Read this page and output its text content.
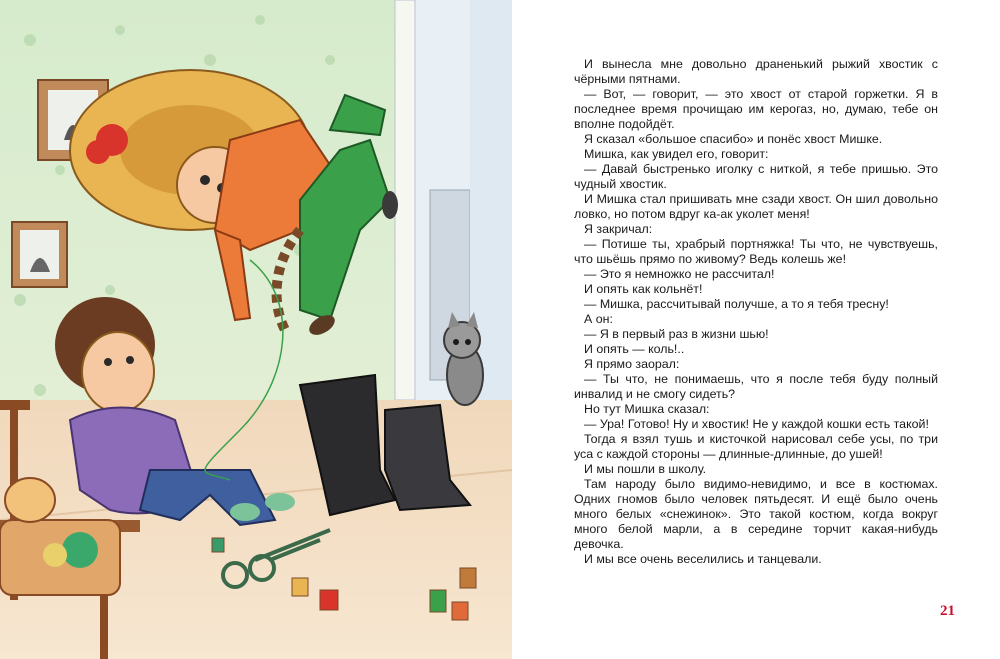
И вынесла мне довольно драненький рыжий хвостик с чёрными пятнами.

— Вот, — говорит, — это хвост от старой горжетки. Я в последнее время прочищаю им керогаз, но, думаю, тебе он вполне подойдёт.

Я сказал «большое спасибо» и понёс хвост Мишке.

Мишка, как увидел его, говорит:

— Давай быстренько иголку с ниткой, я тебе пришью. Это чудный хвостик.

И Мишка стал пришивать мне сзади хвост. Он шил довольно ловко, но потом вдруг ка-ак уколет меня!

Я закричал:

— Потише ты, храбрый портняжка! Ты что, не чувствуешь, что шьёшь прямо по живому? Ведь колешь же!

— Это я немножко не рассчитал!

И опять как кольнёт!

— Мишка, рассчитывай получше, а то я тебя тресну!

А он:

— Я в первый раз в жизни шью!

И опять — коль!..

Я прямо заорал:

— Ты что, не понимаешь, что я после тебя буду полный инвалид и не смогу сидеть?

Но тут Мишка сказал:

— Ура! Готово! Ну и хвостик! Не у каждой кошки есть такой!

Тогда я взял тушь и кисточкой нарисовал себе усы, по три уса с каждой стороны — длинные-длинные, до ушей!

И мы пошли в школу.

Там народу было видимо-невидимо, и все в костюмах. Одних гномов было человек пятьдесят. И ещё было очень много белых «снежинок». Это такой костюм, когда вокруг много белой марли, а в середине торчит какая-нибудь девочка.

И мы все очень веселились и танцевали.

21
